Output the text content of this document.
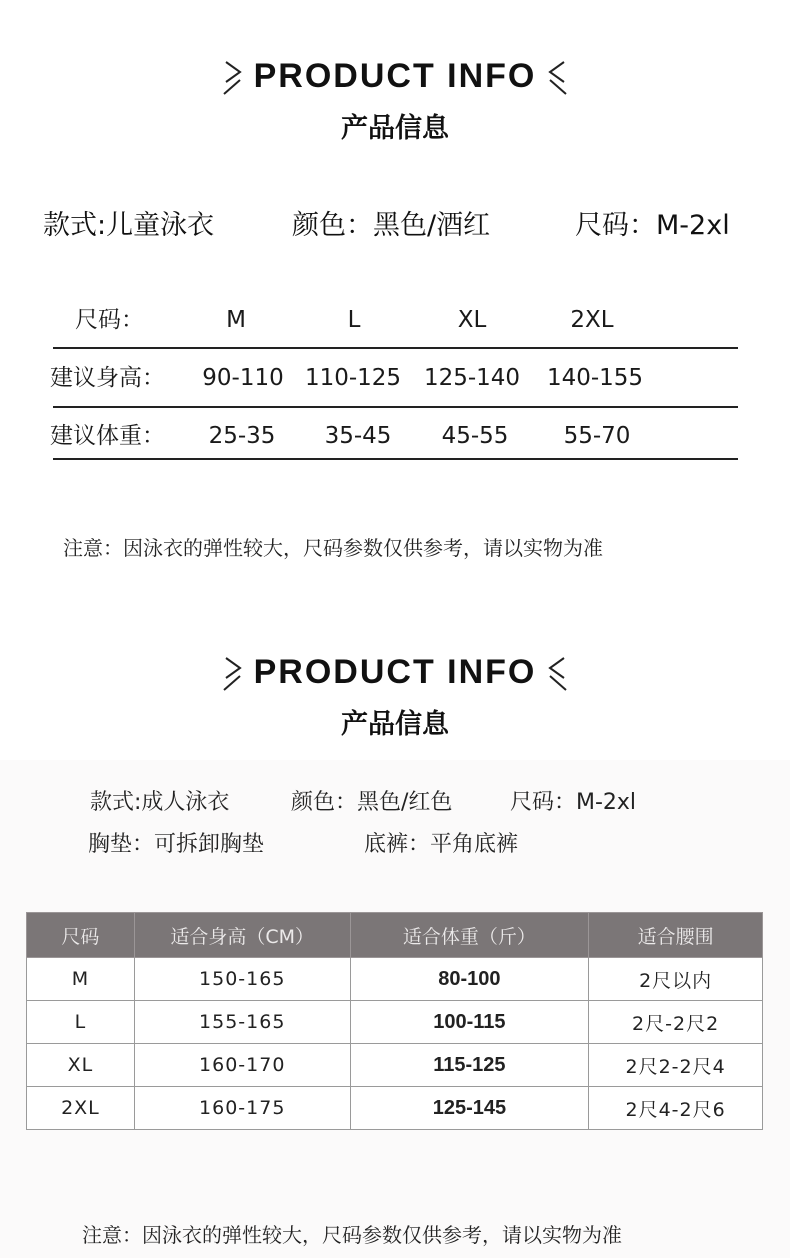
PRODUCT INFO
产品信息
款式:儿童泳衣	颜色：黑色/酒红	尺码：M-2xl
尺码：	M	L	XL	2XL
建议身高：	90-110 110-125 125-140	140-155
建议体重：	25-35	35-45	45-55	55-70
注意：因泳衣的弹性较大，尺码参数仅供参考，请以实物为准
PRODUCT INFO
产品信息
款式:成人泳衣	颜色：黑色/红色	尺码：M-2xl
胸垫：可拆卸胸垫	底裤：平角底裤
尺码	适合身高（CM）	适合体重（斤）	适合腰围
M	150-165	80-100	2尺以内
L	155-165	100-115	2尺-2尺2
XL	160-170	115-125	2尺2-2尺4
2XL	160-175	125-145	2尺4-2尺6
注意：因泳衣的弹性较大，尺码参数仅供参考，请以实物为准
